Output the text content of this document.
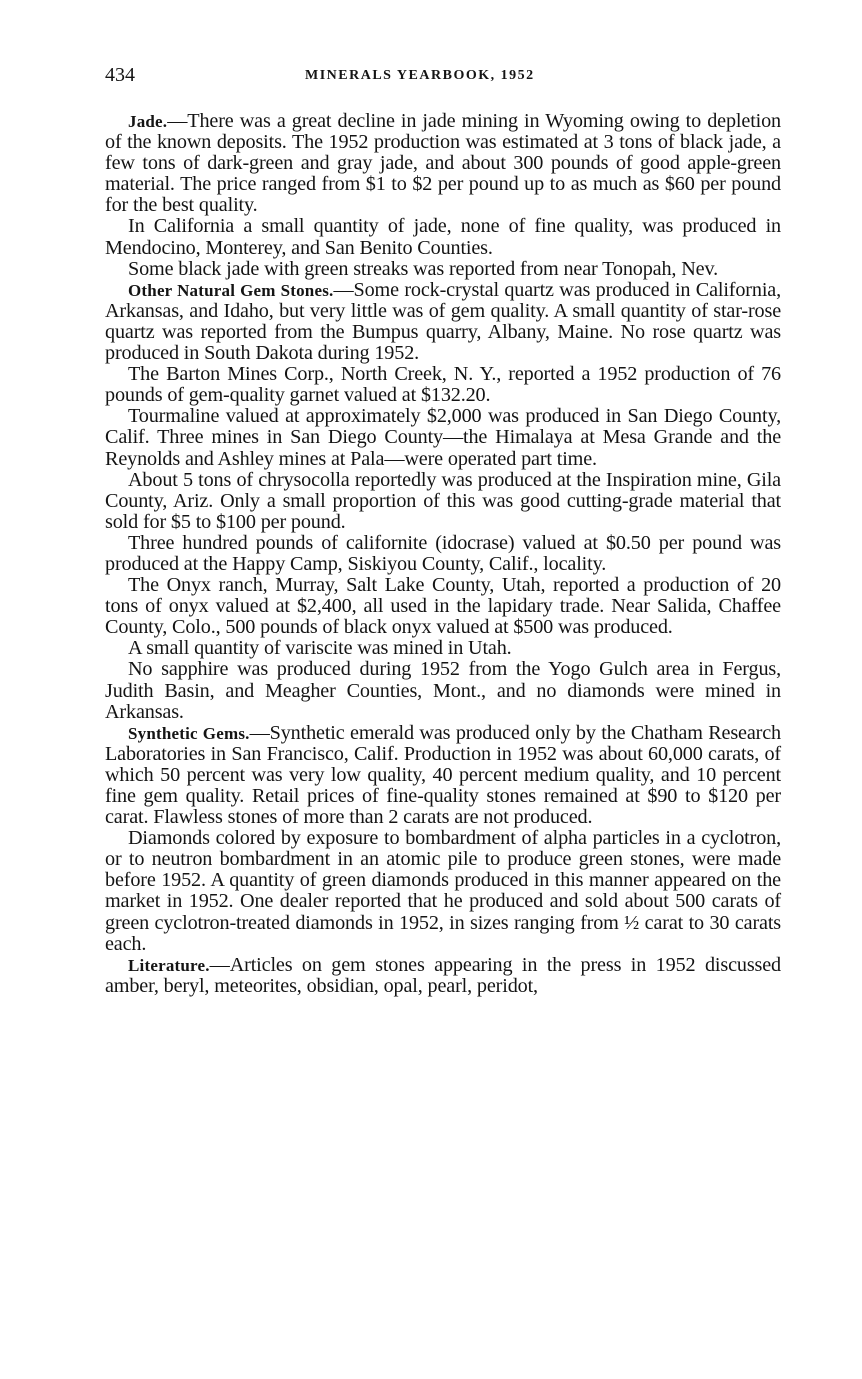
434	MINERALS YEARBOOK, 1952

Jade.—There was a great decline in jade mining in Wyoming owing to depletion of the known deposits. The 1952 production was estimated at 3 tons of black jade, a few tons of dark-green and gray jade, and about 300 pounds of good apple-green material. The price ranged from $1 to $2 per pound up to as much as $60 per pound for the best quality.

In California a small quantity of jade, none of fine quality, was produced in Mendocino, Monterey, and San Benito Counties.

Some black jade with green streaks was reported from near Tonopah, Nev.

Other Natural Gem Stones.—Some rock-crystal quartz was produced in California, Arkansas, and Idaho, but very little was of gem quality. A small quantity of star-rose quartz was reported from the Bumpus quarry, Albany, Maine. No rose quartz was produced in South Dakota during 1952.

The Barton Mines Corp., North Creek, N. Y., reported a 1952 production of 76 pounds of gem-quality garnet valued at $132.20.

Tourmaline valued at approximately $2,000 was produced in San Diego County, Calif. Three mines in San Diego County—the Himalaya at Mesa Grande and the Reynolds and Ashley mines at Pala—were operated part time.

About 5 tons of chrysocolla reportedly was produced at the Inspiration mine, Gila County, Ariz. Only a small proportion of this was good cutting-grade material that sold for $5 to $100 per pound.

Three hundred pounds of californite (idocrase) valued at $0.50 per pound was produced at the Happy Camp, Siskiyou County, Calif., locality.

The Onyx ranch, Murray, Salt Lake County, Utah, reported a production of 20 tons of onyx valued at $2,400, all used in the lapidary trade. Near Salida, Chaffee County, Colo., 500 pounds of black onyx valued at $500 was produced.

A small quantity of variscite was mined in Utah.

No sapphire was produced during 1952 from the Yogo Gulch area in Fergus, Judith Basin, and Meagher Counties, Mont., and no diamonds were mined in Arkansas.

Synthetic Gems.—Synthetic emerald was produced only by the Chatham Research Laboratories in San Francisco, Calif. Production in 1952 was about 60,000 carats, of which 50 percent was very low quality, 40 percent medium quality, and 10 percent fine gem quality. Retail prices of fine-quality stones remained at $90 to $120 per carat. Flawless stones of more than 2 carats are not produced.

Diamonds colored by exposure to bombardment of alpha particles in a cyclotron, or to neutron bombardment in an atomic pile to produce green stones, were made before 1952. A quantity of green diamonds produced in this manner appeared on the market in 1952. One dealer reported that he produced and sold about 500 carats of green cyclotron-treated diamonds in 1952, in sizes ranging from ½ carat to 30 carats each.

Literature.—Articles on gem stones appearing in the press in 1952 discussed amber, beryl, meteorites, obsidian, opal, pearl, peridot,
